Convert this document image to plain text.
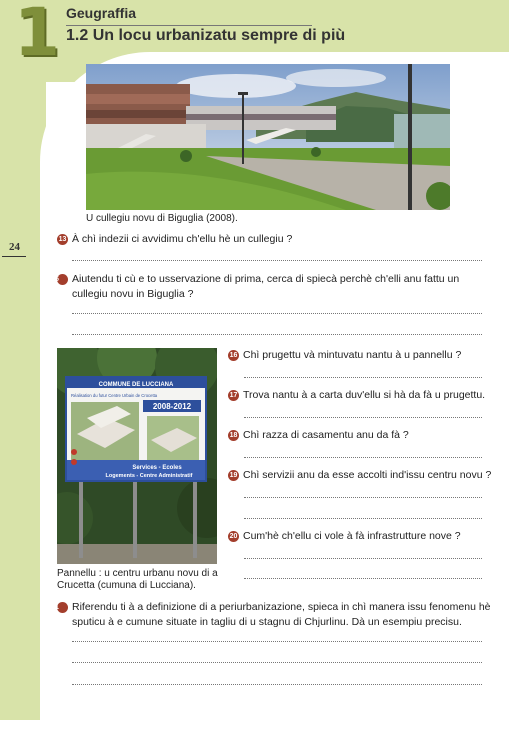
1 Geugraffia
1.2 Un locu urbanizatu sempre di più
24
U cullegiu novu di Biguglia (2008).
13 À chì indezii ci avvidimu ch'ellu hè un cullegiu ?
15 Aiutendu ti cù e to usservazione di prima, cerca di spiecà perchè ch'elli anu fattu un cullegiu novu in Biguglia ?
COMMUNE DE LUCCIANA
Réalisation du futur Centre Urbain de Crocetta
2008-2012
Services - Ecoles
Logements - Centre Administratif
Pannellu : u centru urbanu novu di a Crucetta (cumuna di Lucciana).
16 Chì prugettu và mintuvatu nantu à u pannellu ?
17 Trova nantu à a carta duv'ellu si hà da fà u prugettu.
18 Chì razza di casamentu anu da fà ?
19 Chì servizii anu da esse accolti ind'issu centru novu ?
20 Cum'hè ch'ellu ci vole à fà infrastrutture nove ?
21 Riferendu ti à a definizione di a periurbanizazione, spieca in chì manera issu fenomenu hè sputicu à e cumune situate in tagliu di u stagnu di Chjurlinu. Dà un esempiu precisu.
